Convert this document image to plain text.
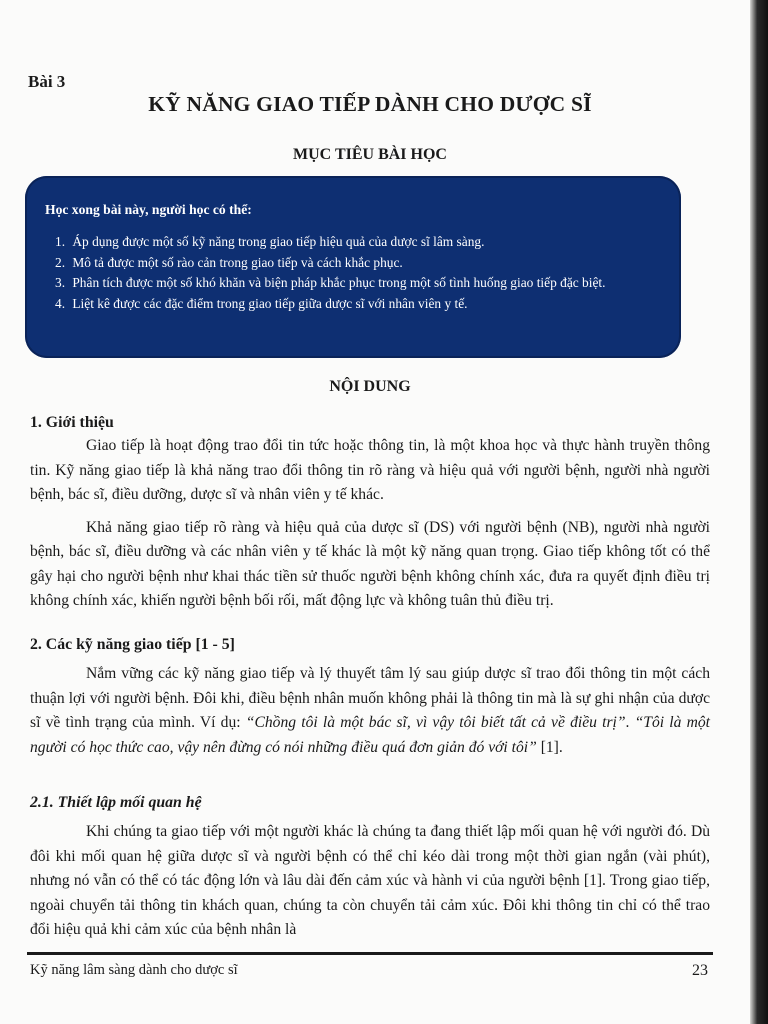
Bài 3
KỸ NĂNG GIAO TIẾP DÀNH CHO DƯỢC SĨ
MỤC TIÊU BÀI HỌC
Học xong bài này, người học có thể:
1.
Áp dụng được một số kỹ năng trong giao tiếp hiệu quả của dược sĩ lâm sàng.
2.
Mô tả được một số rào cản trong giao tiếp và cách khắc phục.
3.
Phân tích được một số khó khăn và biện pháp khắc phục trong một số tình huống giao tiếp đặc biệt.
4.
Liệt kê được các đặc điểm trong giao tiếp giữa dược sĩ với nhân viên y tế.
NỘI DUNG
1. Giới thiệu

Giao tiếp là hoạt động trao đổi tin tức hoặc thông tin, là một khoa học và thực hành truyền thông tin. Kỹ năng giao tiếp là khả năng trao đổi thông tin rõ ràng và hiệu quả với người bệnh, người nhà người bệnh, bác sĩ, điều dưỡng, dược sĩ và nhân viên y tế khác.

Khả năng giao tiếp rõ ràng và hiệu quả của dược sĩ (DS) với người bệnh (NB), người nhà người bệnh, bác sĩ, điều dưỡng và các nhân viên y tế khác là một kỹ năng quan trọng. Giao tiếp không tốt có thể gây hại cho người bệnh như khai thác tiền sử thuốc người bệnh không chính xác, đưa ra quyết định điều trị không chính xác, khiến người bệnh bối rối, mất động lực và không tuân thủ điều trị.

2. Các kỹ năng giao tiếp [1 - 5]

Nắm vững các kỹ năng giao tiếp và lý thuyết tâm lý sau giúp dược sĩ trao đổi thông tin một cách thuận lợi với người bệnh. Đôi khi, điều bệnh nhân muốn không phải là thông tin mà là sự ghi nhận của dược sĩ về tình trạng của mình. Ví dụ: “Chồng tôi là một bác sĩ, vì vậy tôi biết tất cả về điều trị”. “Tôi là một người có học thức cao, vậy nên đừng có nói những điều quá đơn giản đó với tôi” [1].

2.1. Thiết lập mối quan hệ

Khi chúng ta giao tiếp với một người khác là chúng ta đang thiết lập mối quan hệ với người đó. Dù đôi khi mối quan hệ giữa dược sĩ và người bệnh có thể chỉ kéo dài trong một thời gian ngắn (vài phút), nhưng nó vẫn có thể có tác động lớn và lâu dài đến cảm xúc và hành vi của người bệnh [1]. Trong giao tiếp, ngoài chuyển tải thông tin khách quan, chúng ta còn chuyển tải cảm xúc. Đôi khi thông tin chỉ có thể trao đổi hiệu quả khi cảm xúc của bệnh nhân là

Kỹ năng lâm sàng dành cho dược sĩ	23
